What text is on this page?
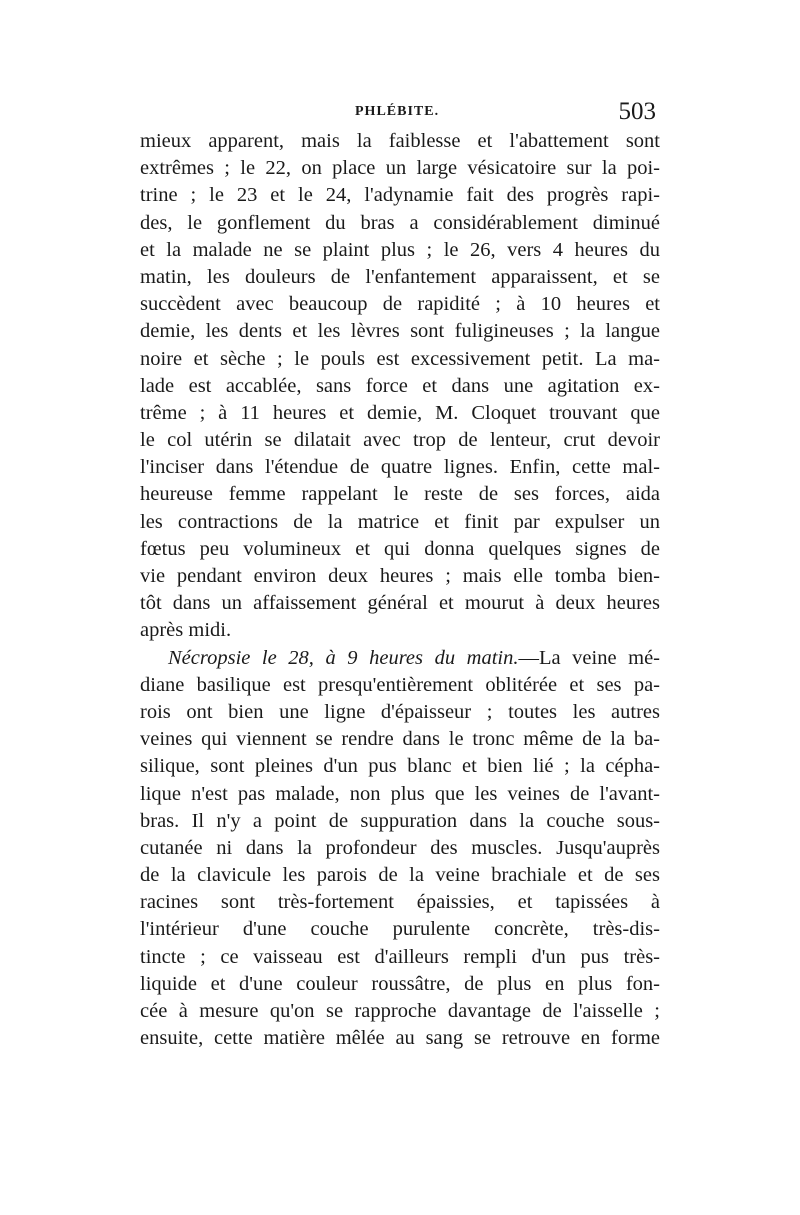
PHLÉBITE.	503
mieux apparent, mais la faiblesse et l'abattement sont
extrêmes ; le 22, on place un large vésicatoire sur la poi-
trine ; le 23 et le 24, l'adynamie fait des progrès rapi-
des, le gonflement du bras a considérablement diminué
et la malade ne se plaint plus ; le 26, vers 4 heures du
matin, les douleurs de l'enfantement apparaissent, et se
succèdent avec beaucoup de rapidité ; à 10 heures et
demie, les dents et les lèvres sont fuligineuses ; la langue
noire et sèche ; le pouls est excessivement petit. La ma-
lade est accablée, sans force et dans une agitation ex-
trême ; à 11 heures et demie, M. Cloquet trouvant que
le col utérin se dilatait avec trop de lenteur, crut devoir
l'inciser dans l'étendue de quatre lignes. Enfin, cette mal-
heureuse femme rappelant le reste de ses forces, aida
les contractions de la matrice et finit par expulser un
fœtus peu volumineux et qui donna quelques signes de
vie pendant environ deux heures ; mais elle tomba bien-
tôt dans un affaissement général et mourut à deux heures
après midi.
Nécropsie le 28, à 9 heures du matin.—La veine mé-
diane basilique est presqu'entièrement oblitérée et ses pa-
rois ont bien une ligne d'épaisseur ; toutes les autres
veines qui viennent se rendre dans le tronc même de la ba-
silique, sont pleines d'un pus blanc et bien lié ; la cépha-
lique n'est pas malade, non plus que les veines de l'avant-
bras. Il n'y a point de suppuration dans la couche sous-
cutanée ni dans la profondeur des muscles. Jusqu'auprès
de la clavicule les parois de la veine brachiale et de ses
racines sont très-fortement épaissies, et tapissées à
l'intérieur d'une couche purulente concrète, très-dis-
tincte ; ce vaisseau est d'ailleurs rempli d'un pus très-
liquide et d'une couleur roussâtre, de plus en plus fon-
cée à mesure qu'on se rapproche davantage de l'aisselle ;
ensuite, cette matière mêlée au sang se retrouve en forme
